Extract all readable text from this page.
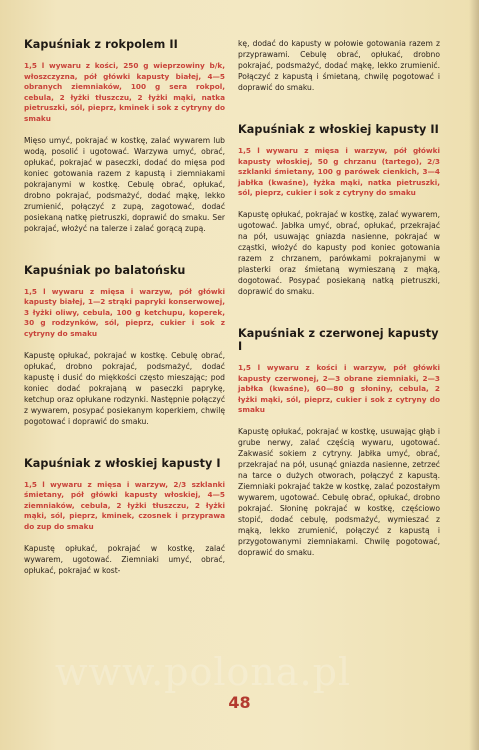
Kapuśniak z rokpolem II
1,5 l wywaru z kości, 250 g wieprzowiny b/k, włoszczyzna, pół główki kapusty białej, 4—5 obranych ziemniaków, 100 g sera rokpol, cebula, 2 łyżki tłuszczu, 2 łyżki mąki, natka pietruszki, sól, pieprz, kminek i sok z cytryny do smaku
Mięso umyć, pokrajać w kostkę, zalać wywarem lub wodą, posolić i ugotować. Warzywa umyć, obrać, opłukać, pokrajać w paseczki, dodać do mięsa pod koniec gotowania razem z kapustą i ziemniakami pokrajanymi w kostkę. Cebulę obrać, opłukać, drobno pokrajać, podsmażyć, dodać mąkę, lekko zrumienić, połączyć z zupą, zagotować, dodać posiekaną natkę pietruszki, doprawić do smaku. Ser pokrajać, włożyć na talerze i zalać gorącą zupą.
Kapuśniak po balatońsku
1,5 l wywaru z mięsa i warzyw, pół główki kapusty białej, 1—2 strąki papryki konserwowej, 3 łyżki oliwy, cebula, 100 g ketchupu, koperek, 30 g rodzynków, sól, pieprz, cukier i sok z cytryny do smaku
Kapustę opłukać, pokrajać w kostkę. Cebulę obrać, opłukać, drobno pokrajać, podsmażyć, dodać kapustę i dusić do miękkości często mieszając; pod koniec dodać pokrajaną w paseczki paprykę, ketchup oraz opłukane rodzynki. Następnie połączyć z wywarem, posypać posiekanym koperkiem, chwilę pogotować i doprawić do smaku.
Kapuśniak z włoskiej kapusty I
1,5 l wywaru z mięsa i warzyw, 2/3 szklanki śmietany, pół główki kapusty włoskiej, 4—5 ziemniaków, cebula, 2 łyżki tłuszczu, 2 łyżki mąki, sól, pieprz, kminek, czosnek i przyprawa do zup do smaku
Kapustę opłukać, pokrajać w kostkę, zalać wywarem, ugotować. Ziemniaki umyć, obrać, opłukać, pokrajać w kost-
kę, dodać do kapusty w połowie gotowania razem z przyprawami. Cebulę obrać, opłukać, drobno pokrajać, podsmażyć, dodać mąkę, lekko zrumienić. Połączyć z kapustą i śmietaną, chwilę pogotować i doprawić do smaku.
Kapuśniak z włoskiej kapusty II
1,5 l wywaru z mięsa i warzyw, pół główki kapusty włoskiej, 50 g chrzanu (tartego), 2/3 szklanki śmietany, 100 g parówek cienkich, 3—4 jabłka (kwaśne), łyżka mąki, natka pietruszki, sól, pieprz, cukier i sok z cytryny do smaku
Kapustę opłukać, pokrajać w kostkę, zalać wywarem, ugotować. Jabłka umyć, obrać, opłukać, przekrajać na pół, usuwając gniazda nasienne, pokrajać w cząstki, włożyć do kapusty pod koniec gotowania razem z chrzanem, parówkami pokrajanymi w plasterki oraz śmietaną wymieszaną z mąką, dogotować. Posypać posiekaną natką pietruszki, doprawić do smaku.
Kapuśniak z czerwonej kapusty I
1,5 l wywaru z kości i warzyw, pół główki kapusty czerwonej, 2—3 obrane ziemniaki, 2—3 jabłka (kwaśne), 60—80 g słoniny, cebula, 2 łyżki mąki, sól, pieprz, cukier i sok z cytryny do smaku
Kapustę opłukać, pokrajać w kostkę, usuwając głąb i grube nerwy, zalać częścią wywaru, ugotować. Zakwasić sokiem z cytryny. Jabłka umyć, obrać, przekrajać na pół, usunąć gniazda nasienne, zetrzeć na tarce o dużych otworach, połączyć z kapustą. Ziemniaki pokrajać także w kostkę, zalać pozostałym wywarem, ugotować. Cebulę obrać, opłukać, drobno pokrajać. Słoninę pokrajać w kostkę, częściowo stopić, dodać cebulę, podsmażyć, wymieszać z mąką, lekko zrumienić, połączyć z kapustą i przygotowanymi ziemniakami. Chwilę pogotować, doprawić do smaku.
www.polona.pl
48
